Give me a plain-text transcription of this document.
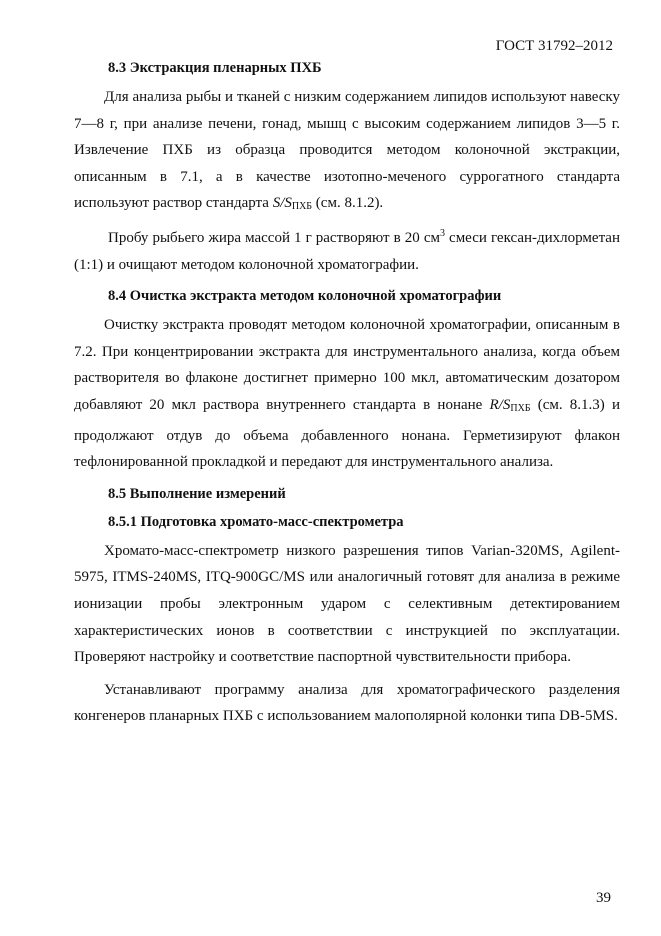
ГОСТ 31792–2012
8.3 Экстракция пленарных ПХБ

Для анализа рыбы и тканей с низким содержанием липидов используют навеску 7—8 г, при анализе печени, гонад, мышц с высоким содержанием липидов 3—5 г. Извлечение ПХБ из образца проводится методом колоночной экстракции, описанным в 7.1, а в качестве изотопно-меченого суррогатного стандарта используют раствор стандарта $S/S_{ПХБ}$ (см. 8.1.2).

Пробу рыбьего жира массой 1 г растворяют в 20 $см^3$ смеси гексан-дихлорметан (1:1) и очищают методом колоночной хроматографии.

8.4 Очистка экстракта методом колоночной хроматографии

Очистку экстракта проводят методом колоночной хроматографии, описанным в 7.2. При концентрировании экстракта для инструментального анализа, когда объем растворителя во флаконе достигнет примерно 100 мкл, автоматическим дозатором добавляют 20 мкл раствора внутреннего стандарта в нонане $R/S_{ПХБ}$ (см. 8.1.3) и продолжают отдув до объема добавленного нонана. Герметизируют флакон тефлонированной прокладкой и передают для инструментального анализа.

8.5 Выполнение измерений
8.5.1 Подготовка хромато-масс-спектрометра

Хромато-масс-спектрометр низкого разрешения типов Varian-320MS, Agilent-5975, ITMS-240MS, ITQ-900GC/MS или аналогичный готовят для анализа в режиме ионизации пробы электронным ударом с селективным детектированием характеристических ионов в соответствии с инструкцией по эксплуатации. Проверяют настройку и соответствие паспортной чувствительности прибора.

Устанавливают программу анализа для хроматографического разделения конгенеров планарных ПХБ с использованием малополярной колонки типа DB-5MS.

39
